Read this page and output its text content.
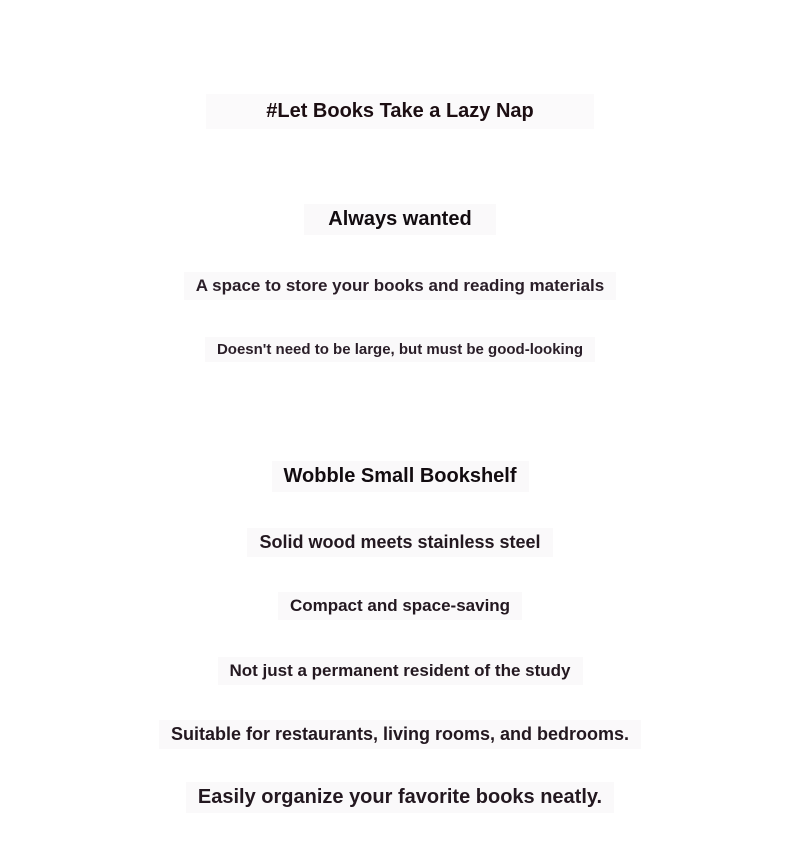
#Let Books Take a Lazy Nap
Always wanted
A space to store your books and reading materials
Doesn't need to be large, but must be good-looking
Wobble Small Bookshelf
Solid wood meets stainless steel
Compact and space-saving
Not just a permanent resident of the study
Suitable for restaurants, living rooms, and bedrooms.
Easily organize your favorite books neatly.
